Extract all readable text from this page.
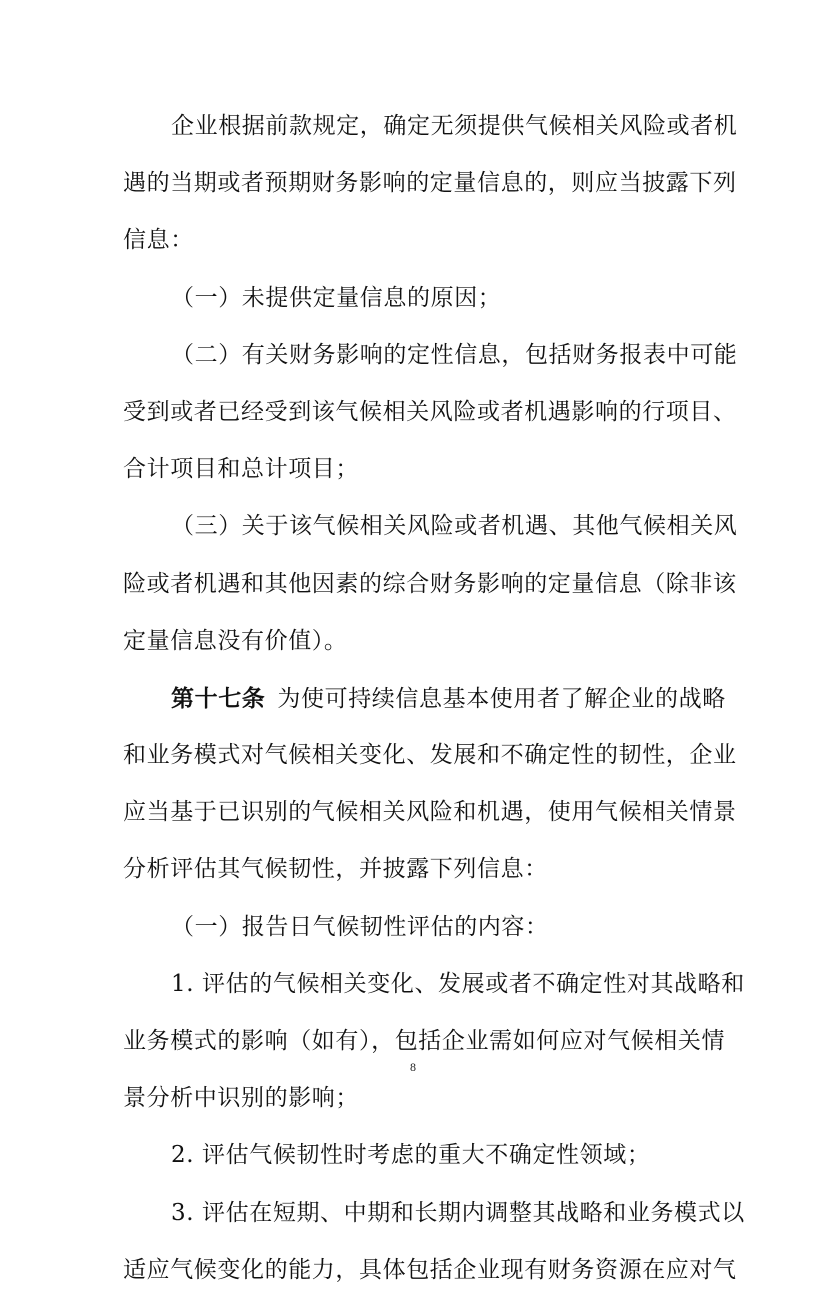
企业根据前款规定，确定无须提供气候相关风险或者机
遇的当期或者预期财务影响的定量信息的，则应当披露下列
信息：
（一）未提供定量信息的原因；
（二）有关财务影响的定性信息，包括财务报表中可能
受到或者已经受到该气候相关风险或者机遇影响的行项目、
合计项目和总计项目；
（三）关于该气候相关风险或者机遇、其他气候相关风
险或者机遇和其他因素的综合财务影响的定量信息（除非该
定量信息没有价值）。
第十七条 为使可持续信息基本使用者了解企业的战略
和业务模式对气候相关变化、发展和不确定性的韧性，企业
应当基于已识别的气候相关风险和机遇，使用气候相关情景
分析评估其气候韧性，并披露下列信息：
（一）报告日气候韧性评估的内容：
1. 评估的气候相关变化、发展或者不确定性对其战略和
业务模式的影响（如有），包括企业需如何应对气候相关情
景分析中识别的影响；
2. 评估气候韧性时考虑的重大不确定性领域；
3. 评估在短期、中期和长期内调整其战略和业务模式以
适应气候变化的能力，具体包括企业现有财务资源在应对气
8
